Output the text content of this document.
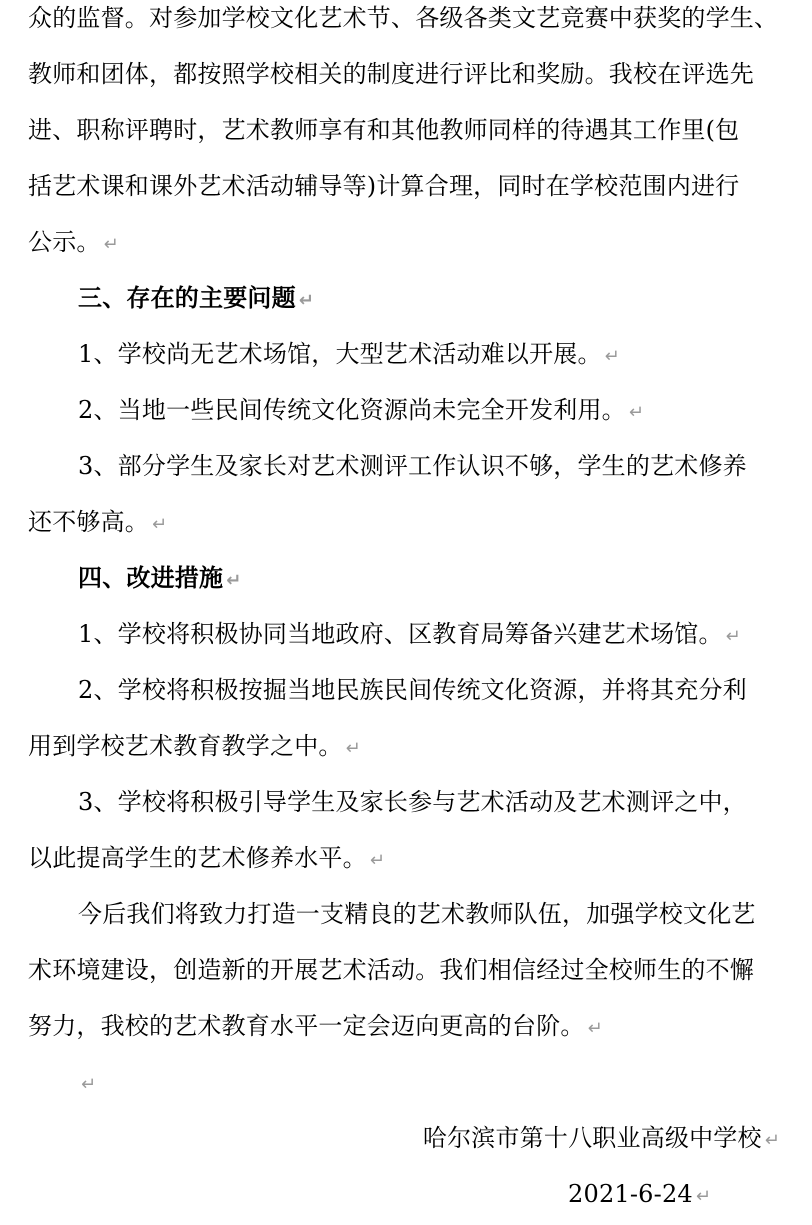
众的监督。对参加学校文化艺术节、各级各类文艺竞赛中获奖的学生、
教师和团体，都按照学校相关的制度进行评比和奖励。我校在评选先
进、职称评聘时，艺术教师享有和其他教师同样的待遇其工作里(包
括艺术课和课外艺术活动辅导等)计算合理，同时在学校范围内进行
公示。 ↵
三、存在的主要问题 ↵
1、学校尚无艺术场馆，大型艺术活动难以开展。 ↵
2、当地一些民间传统文化资源尚未完全开发利用。 ↵
3、部分学生及家长对艺术测评工作认识不够，学生的艺术修养
还不够高。 ↵
四、改进措施 ↵
1、学校将积极协同当地政府、区教育局筹备兴建艺术场馆。 ↵
2、学校将积极按掘当地民族民间传统文化资源，并将其充分利
用到学校艺术教育教学之中。 ↵
3、学校将积极引导学生及家长参与艺术活动及艺术测评之中，
以此提高学生的艺术修养水平。 ↵
今后我们将致力打造一支精良的艺术教师队伍，加强学校文化艺
术环境建设，创造新的开展艺术活动。我们相信经过全校师生的不懈
努力，我校的艺术教育水平一定会迈向更高的台阶。 ↵
↵
哈尔滨市第十八职业高级中学校 ↵
2021-6-24 ↵
